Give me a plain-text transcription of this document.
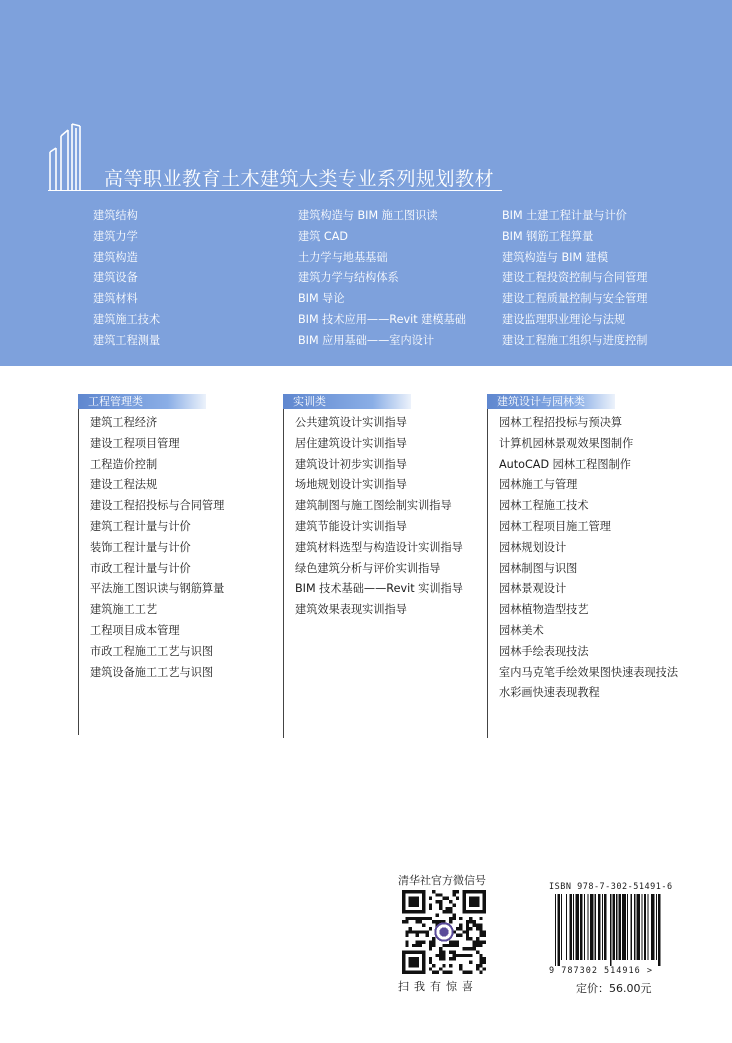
高等职业教育土木建筑大类专业系列规划教材
建筑结构
建筑力学
建筑构造
建筑设备
建筑材料
建筑施工技术
建筑工程测量
建筑构造与 BIM 施工图识读
建筑 CAD
土力学与地基基础
建筑力学与结构体系
BIM 导论
BIM 技术应用——Revit 建模基础
BIM 应用基础——室内设计
BIM 土建工程计量与计价
BIM 钢筋工程算量
建筑构造与 BIM 建模
建设工程投资控制与合同管理
建设工程质量控制与安全管理
建设监理职业理论与法规
建设工程施工组织与进度控制
工程管理类
建筑工程经济
建设工程项目管理
工程造价控制
建设工程法规
建设工程招投标与合同管理
建筑工程计量与计价
装饰工程计量与计价
市政工程计量与计价
平法施工图识读与钢筋算量
建筑施工工艺
工程项目成本管理
市政工程施工工艺与识图
建筑设备施工工艺与识图
实训类
公共建筑设计实训指导
居住建筑设计实训指导
建筑设计初步实训指导
场地规划设计实训指导
建筑制图与施工图绘制实训指导
建筑节能设计实训指导
建筑材料选型与构造设计实训指导
绿色建筑分析与评价实训指导
BIM 技术基础——Revit 实训指导
建筑效果表现实训指导
建筑设计与园林类
园林工程招投标与预决算
计算机园林景观效果图制作
AutoCAD 园林工程图制作
园林施工与管理
园林工程施工技术
园林工程项目施工管理
园林规划设计
园林制图与识图
园林景观设计
园林植物造型技艺
园林美术
园林手绘表现技法
室内马克笔手绘效果图快速表现技法
水彩画快速表现教程
清华社官方微信号
扫我有惊喜
ISBN 978-7-302-51491-6
9 787302 514916 >
定价：56.00元
